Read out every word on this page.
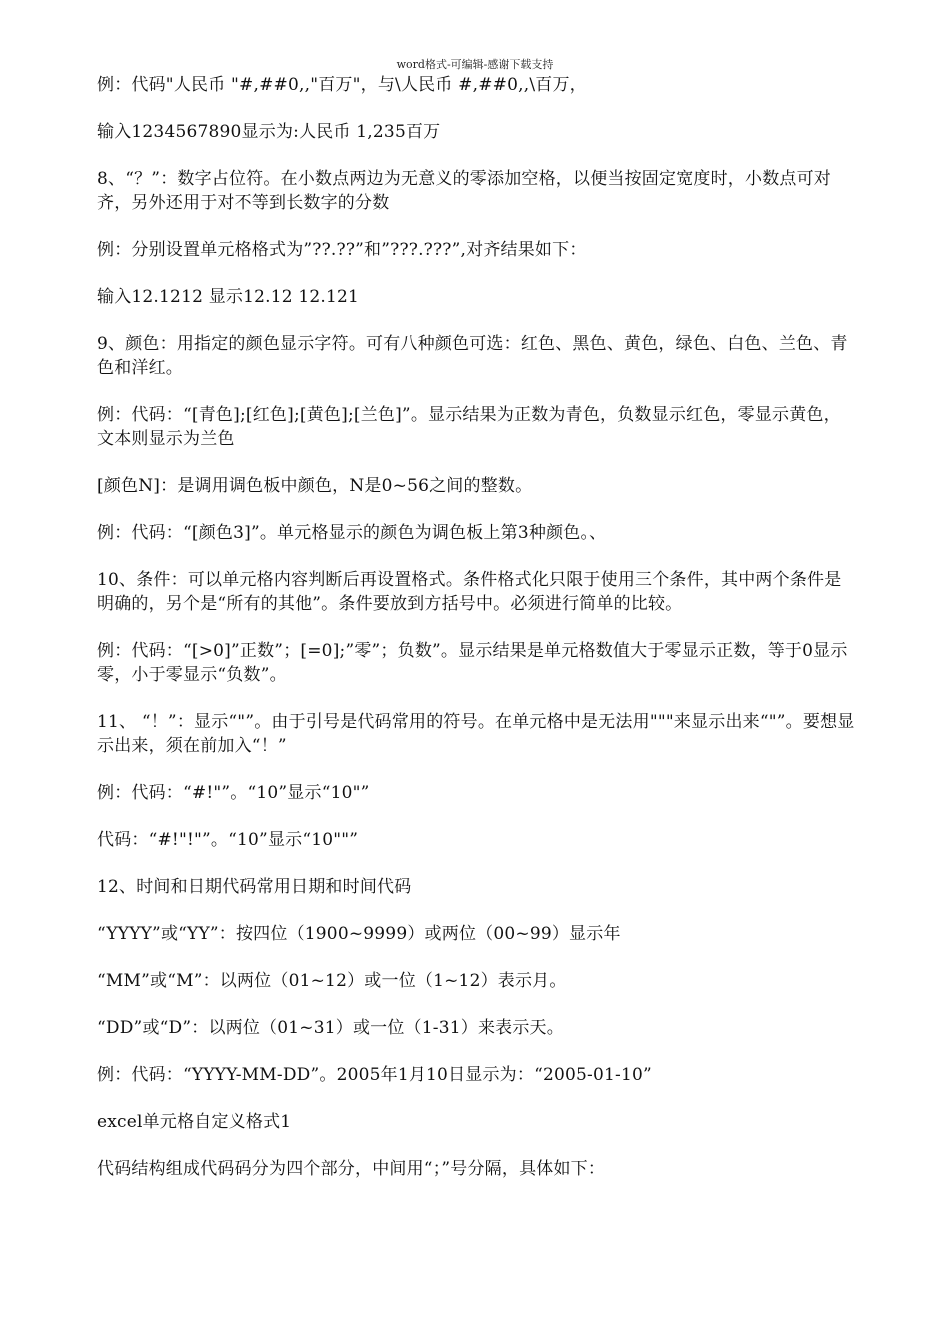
word格式-可编辑-感谢下载支持

例：代码"人民币 "#,##0,,"百万"，与\人民币 #,##0,,\百万，

输入1234567890显示为:人民币 1,235百万

8、“？”：数字占位符。在小数点两边为无意义的零添加空格，以便当按固定宽度时，小数点可对齐，另外还用于对不等到长数字的分数

例：分别设置单元格格式为”??.??”和”???.???”,对齐结果如下：

输入12.1212 显示12.12 12.121

9、颜色：用指定的颜色显示字符。可有八种颜色可选：红色、黑色、黄色，绿色、白色、兰色、青色和洋红。

例：代码：“[青色];[红色];[黄色];[兰色]”。显示结果为正数为青色，负数显示红色，零显示黄色，文本则显示为兰色

[颜色N]：是调用调色板中颜色，N是0~56之间的整数。

例：代码：“[颜色3]”。单元格显示的颜色为调色板上第3种颜色。、

10、条件：可以单元格内容判断后再设置格式。条件格式化只限于使用三个条件，其中两个条件是明确的，另个是“所有的其他”。条件要放到方括号中。必须进行简单的比较。

例：代码：“[>0]”正数”；[=0];”零”；负数”。显示结果是单元格数值大于零显示正数，等于0显示零，小于零显示“负数”。

11、 “！”：显示“"”。由于引号是代码常用的符号。在单元格中是无法用"""来显示出来“"”。要想显示出来，须在前加入“！”

例：代码：“#!"”。“10”显示“10"”

代码：“#!"!"”。“10”显示“10""”

12、时间和日期代码常用日期和时间代码

“YYYY”或“YY”：按四位（1900~9999）或两位（00~99）显示年

“MM”或“M”：以两位（01~12）或一位（1~12）表示月。

“DD”或“D”：以两位（01~31）或一位（1-31）来表示天。

例：代码：“YYYY-MM-DD”。2005年1月10日显示为：“2005-01-10”

excel单元格自定义格式1

代码结构组成代码码分为四个部分，中间用“；”号分隔，具体如下：
